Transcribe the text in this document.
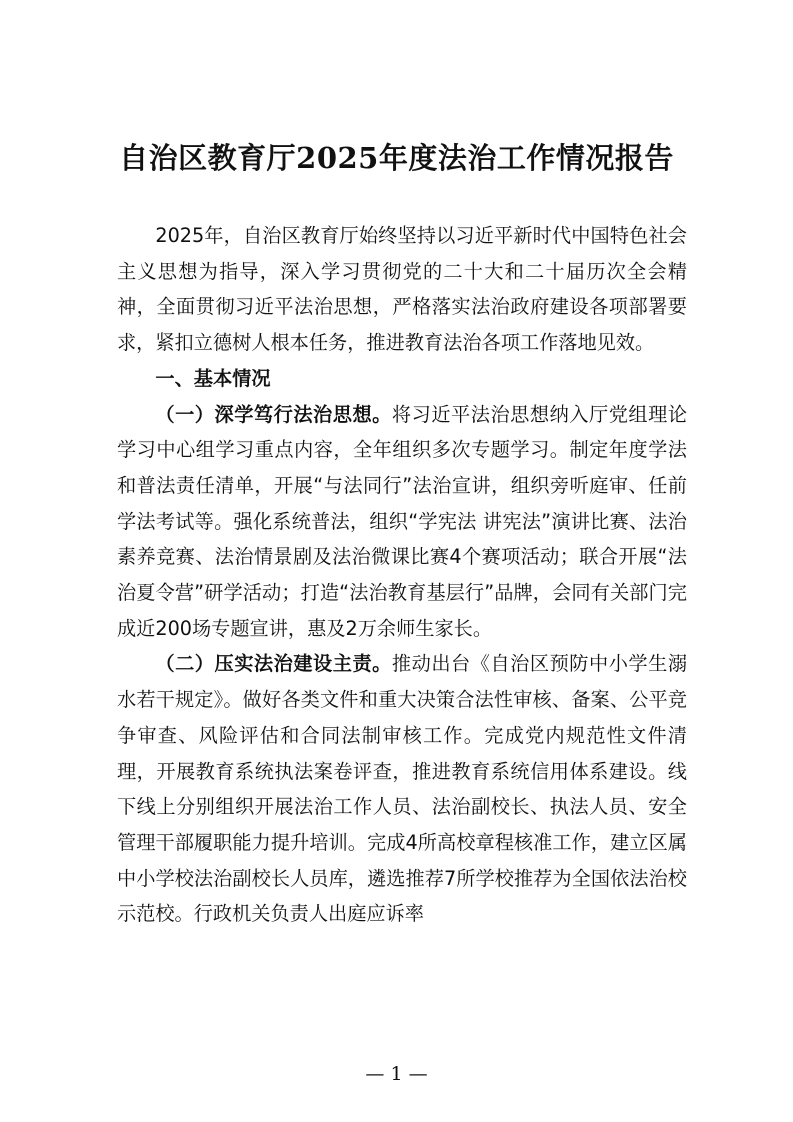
自治区教育厅2025年度法治工作情况报告

2025年，自治区教育厅始终坚持以习近平新时代中国特色社会主义思想为指导，深入学习贯彻党的二十大和二十届历次全会精神，全面贯彻习近平法治思想，严格落实法治政府建设各项部署要求，紧扣立德树人根本任务，推进教育法治各项工作落地见效。

一、基本情况

（一）深学笃行法治思想。将习近平法治思想纳入厅党组理论学习中心组学习重点内容，全年组织多次专题学习。制定年度学法和普法责任清单，开展“与法同行”法治宣讲，组织旁听庭审、任前学法考试等。强化系统普法，组织“学宪法 讲宪法”演讲比赛、法治素养竞赛、法治情景剧及法治微课比赛4个赛项活动；联合开展“法治夏令营”研学活动；打造“法治教育基层行”品牌，会同有关部门完成近200场专题宣讲，惠及2万余师生家长。

（二）压实法治建设主责。推动出台《自治区预防中小学生溺水若干规定》。做好各类文件和重大决策合法性审核、备案、公平竞争审查、风险评估和合同法制审核工作。完成党内规范性文件清理，开展教育系统执法案卷评查，推进教育系统信用体系建设。线下线上分别组织开展法治工作人员、法治副校长、执法人员、安全管理干部履职能力提升培训。完成4所高校章程核准工作，建立区属中小学校法治副校长人员库，遴选推荐7所学校推荐为全国依法治校示范校。行政机关负责人出庭应诉率

— 1 —
